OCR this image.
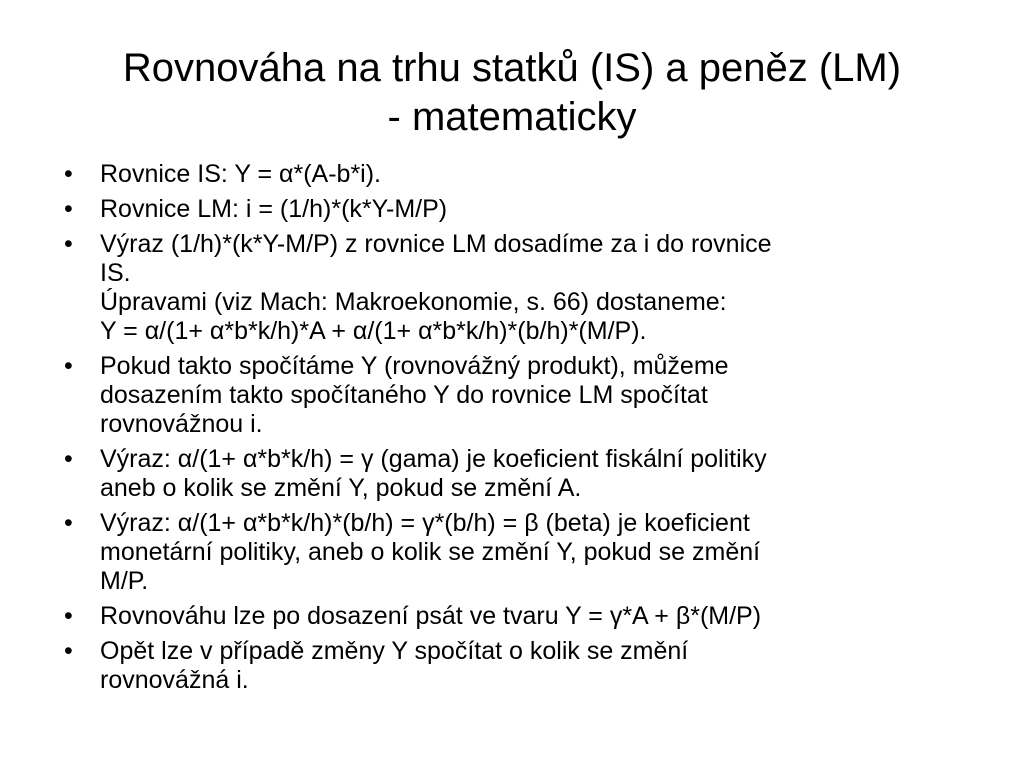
Rovnováha na trhu statků (IS) a peněz (LM)
- matematicky
•	Rovnice IS: Y = α*(A-b*i).
•	Rovnice LM: i = (1/h)*(k*Y-M/P)
•	Výraz (1/h)*(k*Y-M/P) z rovnice LM dosadíme za i do rovnice
IS.
Úpravami (viz Mach: Makroekonomie, s. 66) dostaneme:
Y = α/(1+ α*b*k/h)*A + α/(1+ α*b*k/h)*(b/h)*(M/P).
•	Pokud takto spočítáme Y (rovnovážný produkt), můžeme
dosazením takto spočítaného Y do rovnice LM spočítat
rovnovážnou i.
•	Výraz: α/(1+ α*b*k/h) = γ (gama) je koeficient fiskální politiky
aneb o kolik se změní Y, pokud se změní A.
•	Výraz: α/(1+ α*b*k/h)*(b/h) = γ*(b/h) = β (beta) je koeficient
monetární politiky, aneb o kolik se změní Y, pokud se změní
M/P.
•	Rovnováhu lze po dosazení psát ve tvaru Y = γ*A + β*(M/P)
•	Opět lze v případě změny Y spočítat o kolik se změní
rovnovážná i.
